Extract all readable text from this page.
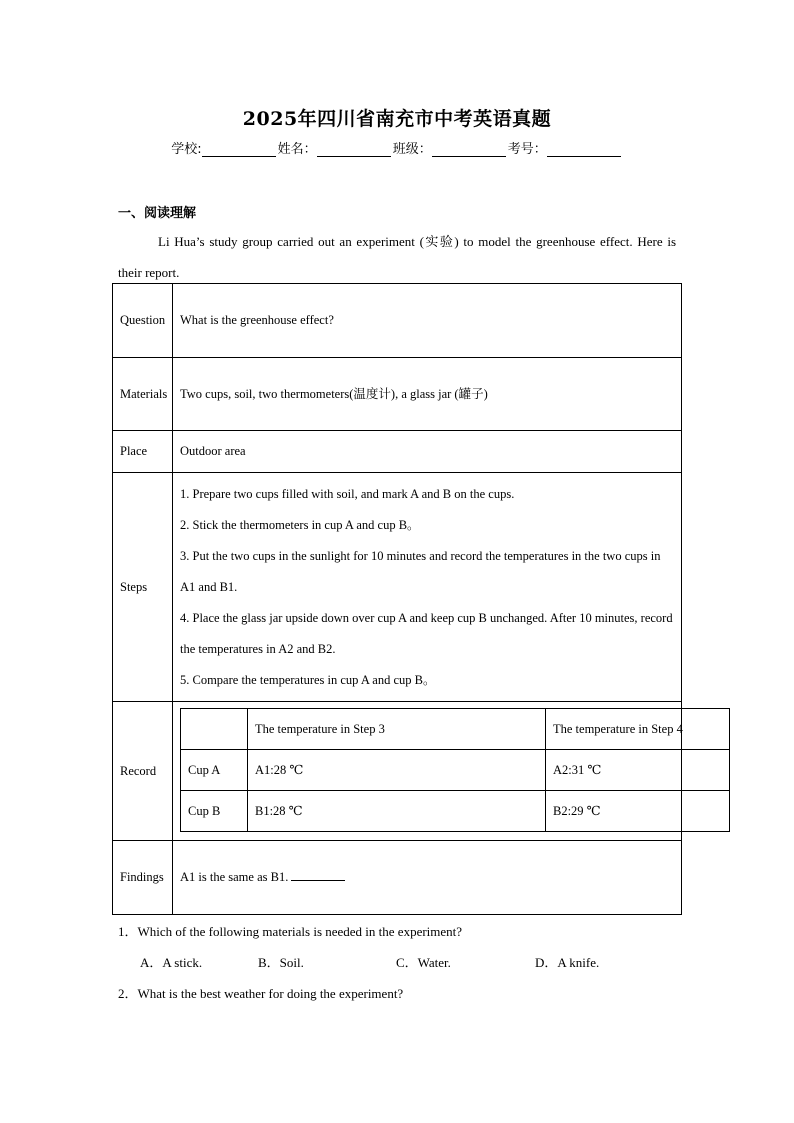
2025年四川省南充市中考英语真题
学校:	姓名：	班级：	考号：
一、阅读理解

Li Hua’s study group carried out an experiment (实验) to model the greenhouse effect. Here is their report.

Question	What is the greenhouse effect?
Materials	Two cups, soil, two thermometers(温度计), a glass jar (罐子)
Place	Outdoor area
Steps	
1. Prepare two cups filled with soil, and mark A and B on the cups.
2. Stick the thermometers in cup A and cup B。
3. Put the two cups in the sunlight for 10 minutes and record the temperatures in the two cups in A1 and B1.
4. Place the glass jar upside down over cup A and keep cup B unchanged. After 10 minutes, record the temperatures in A2 and B2.
5. Compare the temperatures in cup A and cup B。

Record	
	The temperature in Step 3	The temperature in Step 4
Cup A	A1:28 ℃	A2:31 ℃
Cup B	B1:28 ℃	B2:29 ℃

Findings	A1 is the same as B1.
1．Which of the following materials is needed in the experiment?
A．A stick.	B．Soil.	C．Water.	D．A knife.
2．What is the best weather for doing the experiment?
